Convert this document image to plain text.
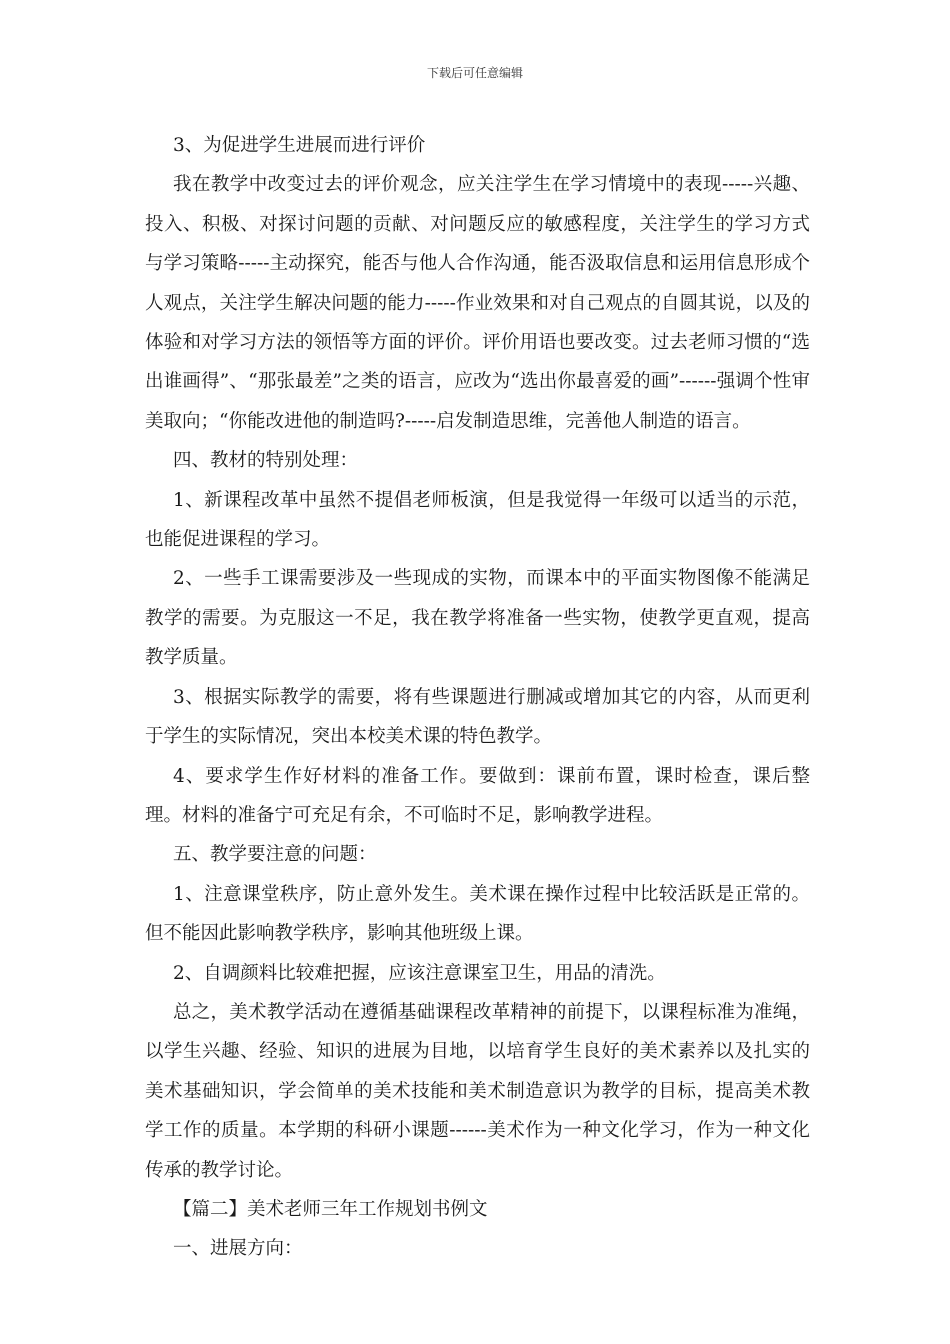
下载后可任意编辑

3、为促进学生进展而进行评价

我在教学中改变过去的评价观念，应关注学生在学习情境中的表现-----兴趣、投入、积极、对探讨问题的贡献、对问题反应的敏感程度，关注学生的学习方式与学习策略-----主动探究，能否与他人合作沟通，能否汲取信息和运用信息形成个人观点，关注学生解决问题的能力-----作业效果和对自己观点的自圆其说，以及的体验和对学习方法的领悟等方面的评价。评价用语也要改变。过去老师习惯的“选出谁画得”、“那张最差”之类的语言，应改为“选出你最喜爱的画”------强调个性审美取向；“你能改进他的制造吗?-----启发制造思维，完善他人制造的语言。

四、教材的特别处理：

1、新课程改革中虽然不提倡老师板演，但是我觉得一年级可以适当的示范，也能促进课程的学习。

2、一些手工课需要涉及一些现成的实物，而课本中的平面实物图像不能满足教学的需要。为克服这一不足，我在教学将准备一些实物，使教学更直观，提高教学质量。

3、根据实际教学的需要，将有些课题进行删减或增加其它的内容，从而更利于学生的实际情况，突出本校美术课的特色教学。

4、要求学生作好材料的准备工作。要做到：课前布置，课时检查，课后整理。材料的准备宁可充足有余，不可临时不足，影响教学进程。

五、教学要注意的问题：

1、注意课堂秩序，防止意外发生。美术课在操作过程中比较活跃是正常的。但不能因此影响教学秩序，影响其他班级上课。

2、自调颜料比较难把握，应该注意课室卫生，用品的清洗。

总之，美术教学活动在遵循基础课程改革精神的前提下，以课程标准为准绳，以学生兴趣、经验、知识的进展为目地，以培育学生良好的美术素养以及扎实的美术基础知识，学会简单的美术技能和美术制造意识为教学的目标，提高美术教学工作的质量。本学期的科研小课题------美术作为一种文化学习，作为一种文化传承的教学讨论。

【篇二】美术老师三年工作规划书例文

一、进展方向：
